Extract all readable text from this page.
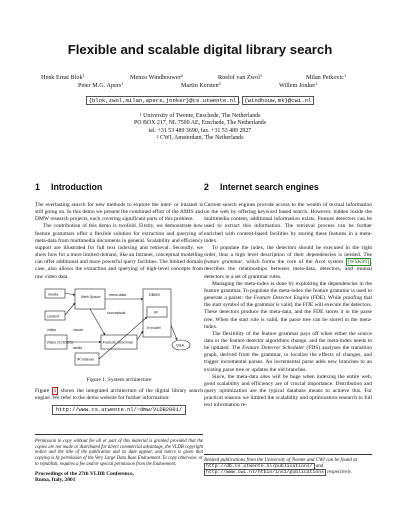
Flexible and scalable digital library search
Henk Ernst Blok$^1$	Menzo Windhouwer$^2$	Roelof van Zwol$^1$	Milan Petkovic$^1$
Peter M.G. Apers$^1$	Martin Kersten$^2$	Willem Jonker$^1$
{blok,zwol,milan,apers,jonker}@cs.utwente.nl , {windhouw,mk}@cwi.nl
$^1$ University of Twente, Enschede, The Netherlands
PO BOX 217, NL 7500 AE, Enschede, The Netherlands
tel. +31 53 489 3690, fax. +31 53 489 2927
$^2$ CWI, Amsterdam, The Netherlands
1 Introduction

The everlasting search for new methods to explore the inter- or intranet is still going on. In this demo we present the combined effort of the AMIS and DMW research projects, each covering significant parts of this problem.

The contribution of this demo is twofold. Firstly, we demonstrate how feature grammars offer a flexible solution for extraction and querying of meta-data from multimedia documents in general. Scalability and efficiency support are illustrated for full text indexing and retrieval. Secondly, we show how for a more limited domain, like an Intranet, conceptual modelling can offer additional and more powerful query facilities. The limited domain case, also allows the extraction and querying of high-level concepts from raw video data.

media
content
video
Video (CODEC)
Web Space meta-data
conceptual
visual
audio
Feature Grammar
IR indexer
DBMS
IR
ir model
Q&A
Figure 1: System architecture

Figure 1 shows the integrated architecture of the digital library search engine. We refer to the demo website for further information:

http://www.cs.utwente.nl/~dmw/VLDB2001/
Permission to copy without fee all or part of this material is granted provided that the copies are not made or distributed for direct commercial advantage, the VLDB copyright notice and the title of the publication and its date appear, and notice is given that copying is by permission of the Very Large Data Base Endowment. To copy otherwise, or to republish, requires a fee and/or special permission from the Endowment.
Proceedings of the 27th VLDB Conference,
Roma, Italy, 2001
2 Internet search engines

Current search engines provide access to the wealth of textual information on the web by offering keyword based search. However, hidden inside the multimedia content, additional information exists. Feature detectors can be used to extract this information. The retrieval process can be further enriched with content-based facilities by storing these features in a meta-index.

To populate the index, the detectors should be executed in the right order, thus a high level description of their dependencies is needed. The feature grammar, which forms the core of the Acoi system [WSK99] , describes the relationships between meta-data, detectors, and mutual detectors in a set of grammar rules.

Managing the meta-index is done by exploiting the dependencies in the feature grammar. To populate the meta-index the feature grammar is used to generate a parser: the Feature Detector Engine (FDE). While proofing that the start symbol of the grammar is valid, the FDE will execute the detectors. These detectors produce the meta-data, and the FDE stores it in the parse tree. When the start rule is valid, the parse tree can be stored in the meta-index.

The flexibility of the feature grammar pays off when either the source data or the feature detector algorithms change, and the meta-index needs to be updated. The Feature Detector Scheduler (FDS) analyses the transition graph, derived from the grammar, to localize the effects of changes, and trigger incremental parses. An incremental parse adds new branches to an existing parse tree or updates the old branches.

Since, the meta-data sites will be huge when indexing the entire web, good scalability and efficiency are of crucial importance. Distribution and query optimization are the typical database means to achieve this. For practical reasons we limited the scalability and optimization research to full text information re-

Related publications from the University of Twente and CWI can be found at http://db.cs.utwente.nl/publications/ and http://www.cwi.nl/htbin/ins1/publications respectively.
